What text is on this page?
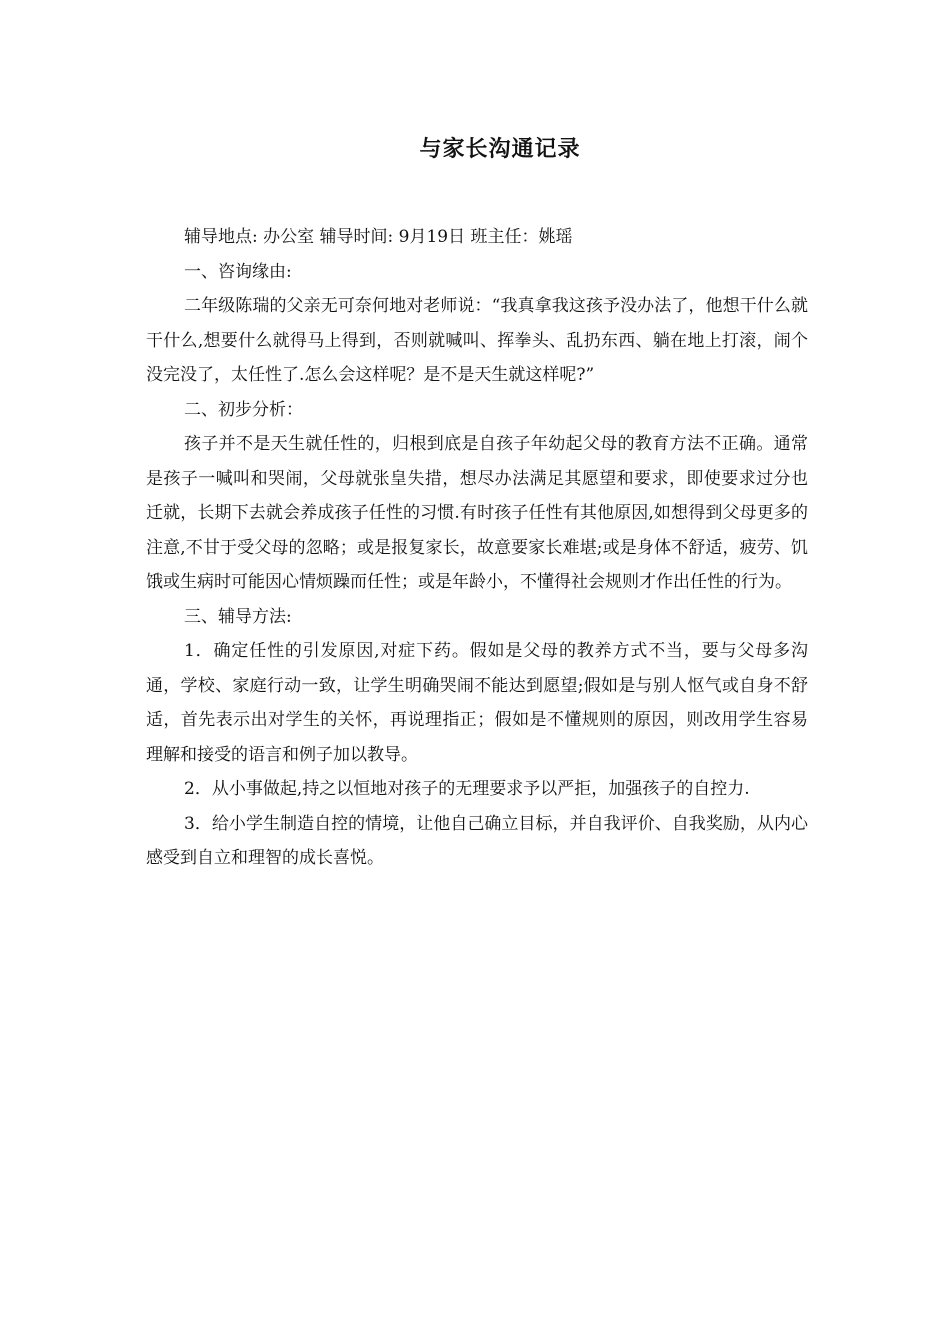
与家长沟通记录

辅导地点: 办公室 辅导时间: 9月19日 班主任：姚瑶

一、咨询缘由:

二年级陈瑞的父亲无可奈何地对老师说：“我真拿我这孩予没办法了，他想干什么就干什么,想要什么就得马上得到，否则就喊叫、挥拳头、乱扔东西、躺在地上打滚，闹个没完没了，太任性了.怎么会这样呢？是不是天生就这样呢?”

二、初步分析：

孩子并不是天生就任性的，归根到底是自孩子年幼起父母的教育方法不正确。通常是孩子一喊叫和哭闹，父母就张皇失措，想尽办法满足其愿望和要求，即使要求过分也迁就，长期下去就会养成孩子任性的习惯.有时孩子任性有其他原因,如想得到父母更多的注意,不甘于受父母的忽略；或是报复家长，故意要家长难堪;或是身体不舒适，疲劳、饥饿或生病时可能因心情烦躁而任性；或是年龄小，不懂得社会规则才作出任性的行为。

三、辅导方法:

1．确定任性的引发原因,对症下药。假如是父母的教养方式不当，要与父母多沟通，学校、家庭行动一致，让学生明确哭闹不能达到愿望;假如是与别人怄气或自身不舒适，首先表示出对学生的关怀，再说理指正；假如是不懂规则的原因，则改用学生容易理解和接受的语言和例子加以教导。

2．从小事做起,持之以恒地对孩子的无理要求予以严拒，加强孩子的自控力.

3．给小学生制造自控的情境，让他自己确立目标，并自我评价、自我奖励，从内心感受到自立和理智的成长喜悦。
